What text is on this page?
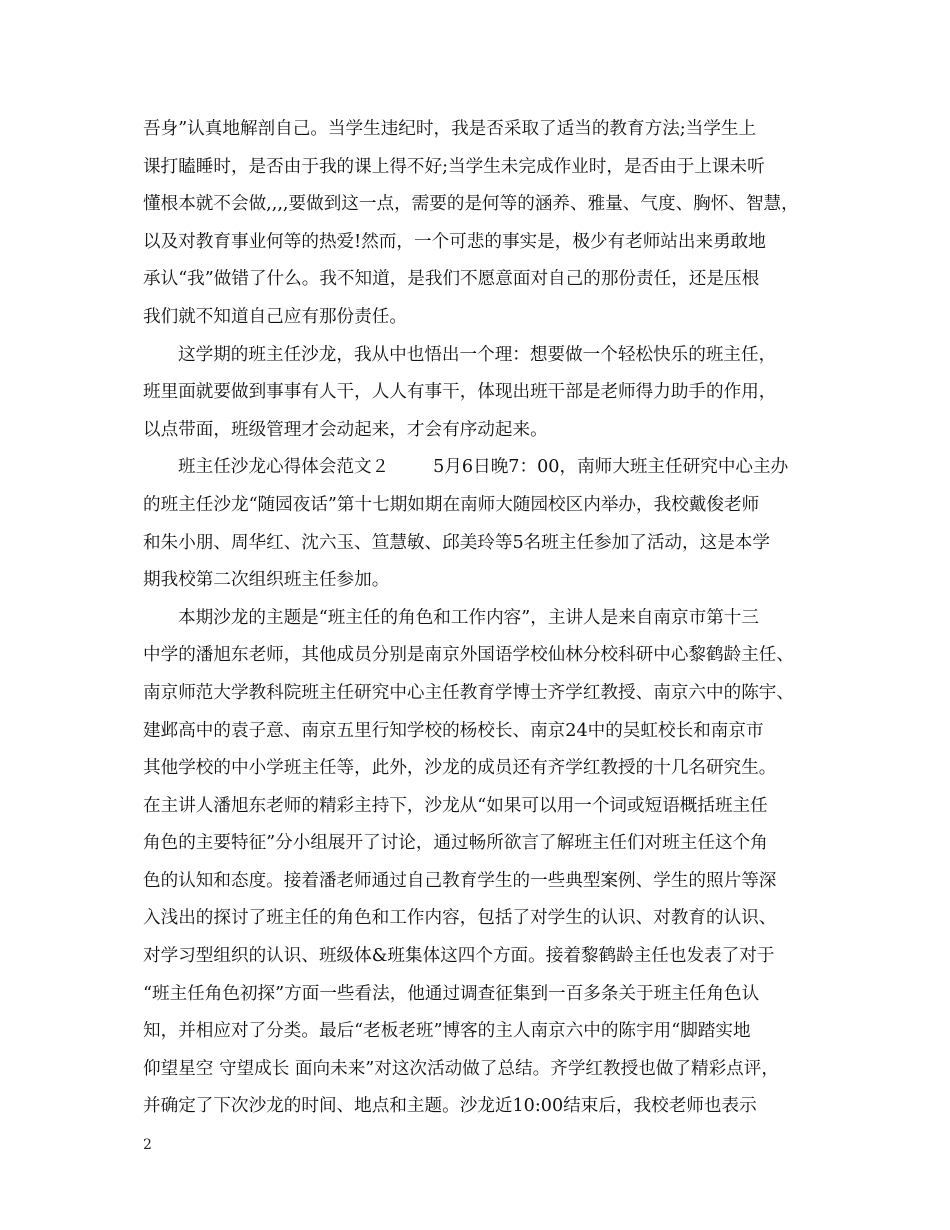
吾身”认真地解剖自己。当学生违纪时，我是否采取了适当的教育方法;当学生上
课打瞌睡时，是否由于我的课上得不好;当学生未完成作业时，是否由于上课未听
懂根本就不会做,,,,要做到这一点，需要的是何等的涵养、雅量、气度、胸怀、智慧，
以及对教育事业何等的热爱!然而，一个可悲的事实是，极少有老师站出来勇敢地
承认“我”做错了什么。我不知道，是我们不愿意面对自己的那份责任，还是压根
我们就不知道自己应有那份责任。

这学期的班主任沙龙，我从中也悟出一个理：想要做一个轻松快乐的班主任，
班里面就要做到事事有人干，人人有事干，体现出班干部是老师得力助手的作用，
以点带面，班级管理才会动起来，才会有序动起来。

班主任沙龙心得体会范文２	5月6日晚7：00，南师大班主任研究中心主办
的班主任沙龙“随园夜话”第十七期如期在南师大随园校区内举办，我校戴俊老师
和朱小朋、周华红、沈六玉、笪慧敏、邱美玲等5名班主任参加了活动，这是本学
期我校第二次组织班主任参加。

本期沙龙的主题是“班主任的角色和工作内容”，主讲人是来自南京市第十三
中学的潘旭东老师，其他成员分别是南京外国语学校仙林分校科研中心黎鹤龄主任、
南京师范大学教科院班主任研究中心主任教育学博士齐学红教授、南京六中的陈宇、
建邺高中的袁子意、南京五里行知学校的杨校长、南京24中的吴虹校长和南京市
其他学校的中小学班主任等，此外，沙龙的成员还有齐学红教授的十几名研究生。
在主讲人潘旭东老师的精彩主持下，沙龙从“如果可以用一个词或短语概括班主任
角色的主要特征”分小组展开了讨论，通过畅所欲言了解班主任们对班主任这个角
色的认知和态度。接着潘老师通过自己教育学生的一些典型案例、学生的照片等深
入浅出的探讨了班主任的角色和工作内容，包括了对学生的认识、对教育的认识、
对学习型组织的认识、班级体&班集体这四个方面。接着黎鹤龄主任也发表了对于
“班主任角色初探”方面一些看法，他通过调查征集到一百多条关于班主任角色认
知，并相应对了分类。最后“老板老班”博客的主人南京六中的陈宇用“脚踏实地
仰望星空 守望成长 面向未来”对这次活动做了总结。齐学红教授也做了精彩点评，
并确定了下次沙龙的时间、地点和主题。沙龙近10:00结束后，我校老师也表示

2
